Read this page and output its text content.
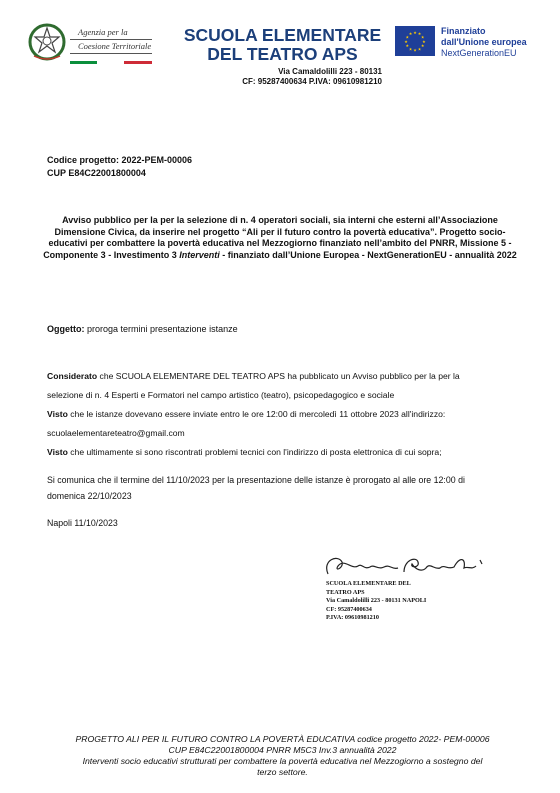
Agenzia per la
Coesione Territoriale
SCUOLA ELEMENTARE
DEL TEATRO APS
Via Camaldolilli 223 - 80131
CF: 95287400634 P.IVA: 09610981210
★ ★
★
★
★
★
★
★
★
★
★
★	Finanziato
dall'Unione europea
NextGenerationEU
Codice progetto: 2022-PEM-00006
CUP E84C22001800004
Avviso pubblico per la per la selezione di n. 4 operatori sociali, sia interni che esterni all’Associazione Dimensione Civica, da inserire nel progetto “Ali per il futuro contro la povertà educativa”. Progetto socio-educativi per combattere la povertà educativa nel Mezzogiorno finanziato nell’ambito del PNRR, Missione 5 - Componente 3 - Investimento 3 Interventi - finanziato dall’Unione Europea - NextGenerationEU - annualità 2022
Oggetto: proroga termini presentazione istanze
Considerato che SCUOLA ELEMENTARE DEL TEATRO APS ha pubblicato un Avviso pubblico per la per la
selezione di n. 4 Esperti e Formatori nel campo artistico (teatro), psicopedagogico e sociale
Visto che le istanze dovevano essere inviate entro le ore 12:00 di mercoledì 11 ottobre 2023 all'indirizzo:
scuolaelementareteatro@gmail.com
Visto che ultimamente si sono riscontrati problemi tecnici con l'indirizzo di posta elettronica di cui sopra;
Si comunica che il termine del 11/10/2023 per la presentazione delle istanze è prorogato al alle ore 12:00 di
domenica 22/10/2023
Napoli 11/10/2023
SCUOLA ELEMENTARE DEL TEATRO APS
Via Camaldolilli 223 - 80131 NAPOLI
CF: 95287400634
P.IVA: 09610981210
PROGETTO ALI PER IL FUTURO CONTRO LA POVERTÀ EDUCATIVA codice progetto 2022- PEM-00006
CUP E84C22001800004 PNRR M5C3 Inv.3 annualità 2022
Interventi socio educativi strutturati per combattere la povertà educativa nel Mezzogiorno a sostegno del
terzo settore.
